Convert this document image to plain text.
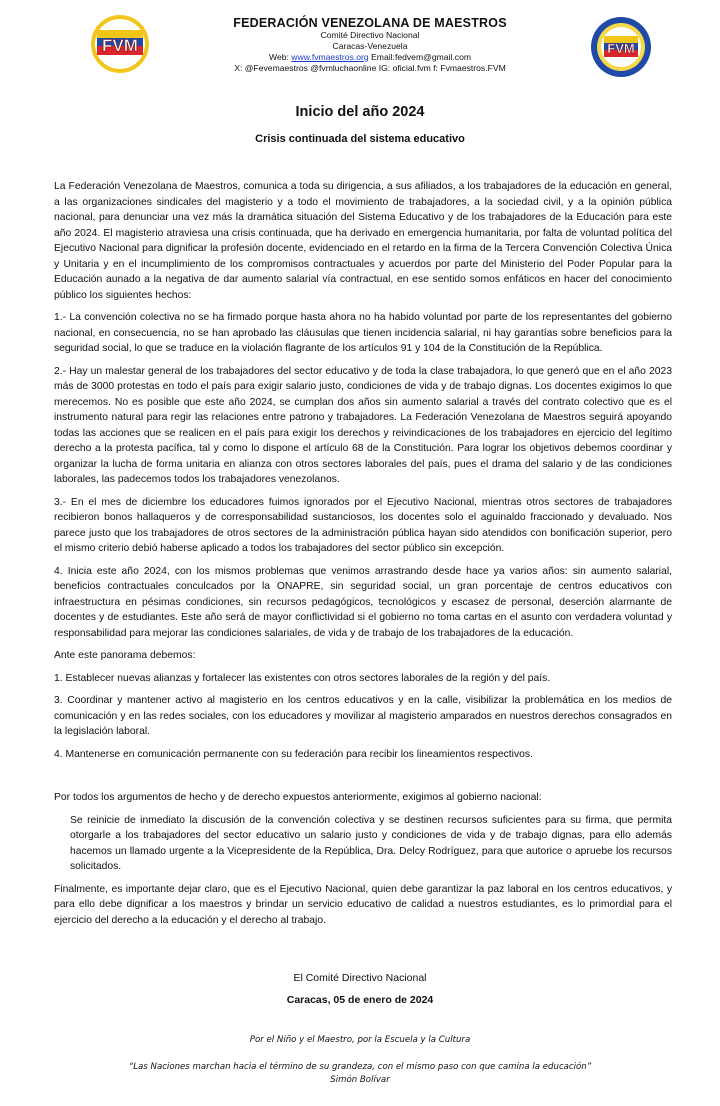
FVM
FEDERACIÓN VENEZOLANA DE MAESTROS
Comité Directivo Nacional
Caracas-Venezuela
Web: www.fvmaestros.org Email:fedvem@gmail.com
X: @Fevemaestros @fvmluchaonline IG: oficial.fvm f: Fvmaestros.FVM
FVM
Inicio del año 2024
Crisis continuada del sistema educativo

La Federación Venezolana de Maestros, comunica a toda su dirigencia, a sus afiliados, a los trabajadores de la educación en general, a las organizaciones sindicales del magisterio y a todo el movimiento de trabajadores, a la sociedad civil, y a la opinión pública nacional, para denunciar una vez más la dramática situación del Sistema Educativo y de los trabajadores de la Educación para este año 2024. El magisterio atraviesa una crisis continuada, que ha derivado en emergencia humanitaria, por falta de voluntad política del Ejecutivo Nacional para dignificar la profesión docente, evidenciado en el retardo en la firma de la Tercera Convención Colectiva Única y Unitaria y en el incumplimiento de los compromisos contractuales y acuerdos por parte del Ministerio del Poder Popular para la Educación aunado a la negativa de dar aumento salarial vía contractual, en ese sentido somos enfáticos en hacer del conocimiento público los siguientes hechos:

1.- La convención colectiva no se ha firmado porque hasta ahora no ha habido voluntad por parte de los representantes del gobierno nacional, en consecuencia, no se han aprobado las cláusulas que tienen incidencia salarial, ni hay garantías sobre beneficios para la seguridad social, lo que se traduce en la violación flagrante de los artículos 91 y 104 de la Constitución de la República.

2.- Hay un malestar general de los trabajadores del sector educativo y de toda la clase trabajadora, lo que generó que en el año 2023 más de 3000 protestas en todo el país para exigir salario justo, condiciones de vida y de trabajo dignas. Los docentes exigimos lo que merecemos. No es posible que este año 2024, se cumplan dos años sin aumento salarial a través del contrato colectivo que es el instrumento natural para regir las relaciones entre patrono y trabajadores. La Federación Venezolana de Maestros seguirá apoyando todas las acciones que se realicen en el país para exigir los derechos y reivindicaciones de los trabajadores en ejercicio del legítimo derecho a la protesta pacífica, tal y como lo dispone el artículo 68 de la Constitución. Para lograr los objetivos debemos coordinar y organizar la lucha de forma unitaria en alianza con otros sectores laborales del país, pues el drama del salario y de las condiciones laborales, las padecemos todos los trabajadores venezolanos.

3.- En el mes de diciembre los educadores fuimos ignorados por el Ejecutivo Nacional, mientras otros sectores de trabajadores recibieron bonos hallaqueros y de corresponsabilidad sustanciosos, los docentes solo el aguinaldo fraccionado y devaluado. Nos parece justo que los trabajadores de otros sectores de la administración pública hayan sido atendidos con bonificación superior, pero el mismo criterio debió haberse aplicado a todos los trabajadores del sector público sin excepción.

4. Inicia este año 2024, con los mismos problemas que venimos arrastrando desde hace ya varios años: sin aumento salarial, beneficios contractuales conculcados por la ONAPRE, sin seguridad social, un gran porcentaje de centros educativos con infraestructura en pésimas condiciones, sin recursos pedagógicos, tecnológicos y escasez de personal, deserción alarmante de docentes y de estudiantes. Este año será de mayor conflictividad si el gobierno no toma cartas en el asunto con verdadera voluntad y responsabilidad para mejorar las condiciones salariales, de vida y de trabajo de los trabajadores de la educación.

Ante este panorama debemos:

1. Establecer nuevas alianzas y fortalecer las existentes con otros sectores laborales de la región y del país.

3. Coordinar y mantener activo al magisterio en los centros educativos y en la calle, visibilizar la problemática en los medios de comunicación y en las redes sociales, con los educadores y movilizar al magisterio amparados en nuestros derechos consagrados en la legislación laboral.

4. Mantenerse en comunicación permanente con su federación para recibir los lineamientos respectivos.

Por todos los argumentos de hecho y de derecho expuestos anteriormente, exigimos al gobierno nacional:

Se reinicie de inmediato la discusión de la convención colectiva y se destinen recursos suficientes para su firma, que permita otorgarle a los trabajadores del sector educativo un salario justo y condiciones de vida y de trabajo dignas, para ello además hacemos un llamado urgente a la Vicepresidente de la República, Dra. Delcy Rodríguez, para que autorice o apruebe los recursos solicitados.

Finalmente, es importante dejar claro, que es el Ejecutivo Nacional, quien debe garantizar la paz laboral en los centros educativos, y para ello debe dignificar a los maestros y brindar un servicio educativo de calidad a nuestros estudiantes, es lo primordial para el ejercicio del derecho a la educación y el derecho al trabajo.

El Comité Directivo Nacional
Caracas, 05 de enero de 2024
Por el Niño y el Maestro, por la Escuela y la Cultura
“Las Naciones marchan hacia el término de su grandeza, con el mismo paso con que camina la educación”
Simón Bolívar
